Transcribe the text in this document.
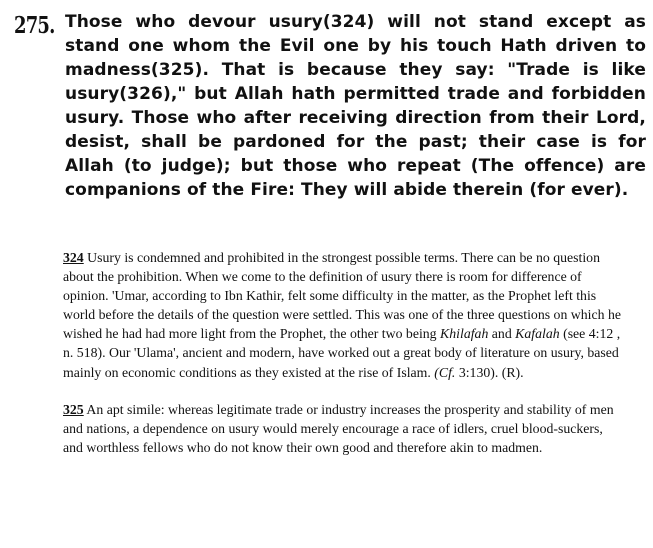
275. Those who devour usury(324) will not stand except as stand one whom the Evil one by his touch Hath driven to madness(325). That is because they say: "Trade is like usury(326)," but Allah hath permitted trade and forbidden usury. Those who after receiving direction from their Lord, desist, shall be pardoned for the past; their case is for Allah (to judge); but those who repeat (The offence) are companions of the Fire: They will abide therein (for ever).

324 Usury is condemned and prohibited in the strongest possible terms. There can be no question about the prohibition. When we come to the definition of usury there is room for difference of opinion. 'Umar, according to Ibn Kathir, felt some difficulty in the matter, as the Prophet left this world before the details of the question were settled. This was one of the three questions on which he wished he had had more light from the Prophet, the other two being Khilafah and Kafalah (see 4:12 , n. 518). Our 'Ulama', ancient and modern, have worked out a great body of literature on usury, based mainly on economic conditions as they existed at the rise of Islam. (Cf. 3:130). (R).

325 An apt simile: whereas legitimate trade or industry increases the prosperity and stability of men and nations, a dependence on usury would merely encourage a race of idlers, cruel blood-suckers, and worthless fellows who do not know their own good and therefore akin to madmen.
